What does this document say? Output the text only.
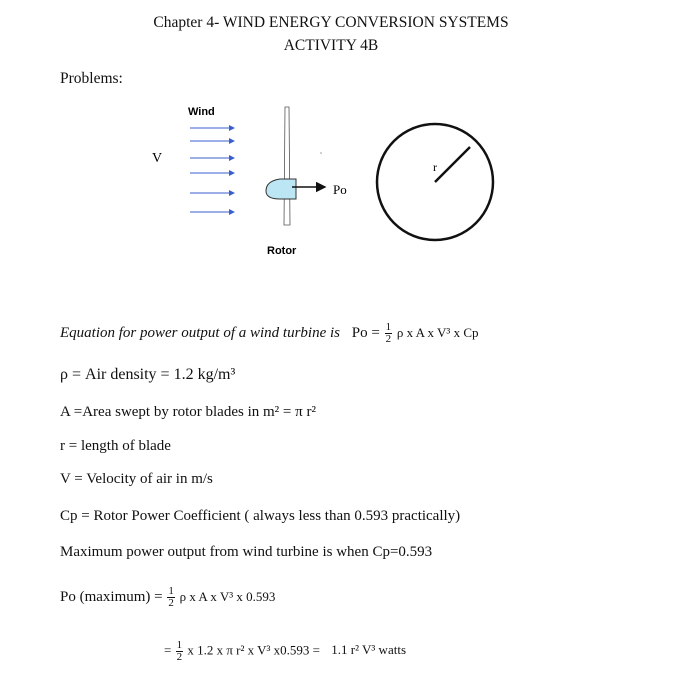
Chapter 4- WIND ENERGY CONVERSION SYSTEMS
ACTIVITY 4B
Problems:
Wind
V
Po
Rotor
r
Equation for power output of a wind turbine is $Po = \frac{1}{2}$ ρ x A x V³ x Cp
ρ = Air density = 1.2 kg/m³
A =Area swept by rotor blades in m² = π r²
r = length of blade
V = Velocity of air in m/s
Cp = Rotor Power Coefficient ( always less than 0.593 practically)
Maximum power output from wind turbine is when Cp=0.593
Po (maximum) = $\frac{1}{2}$ ρ x A x V³ x 0.593
= $\frac{1}{2}$ x 1.2 x π r² x V³ x0.593 = 1.1 r² V³ watts
